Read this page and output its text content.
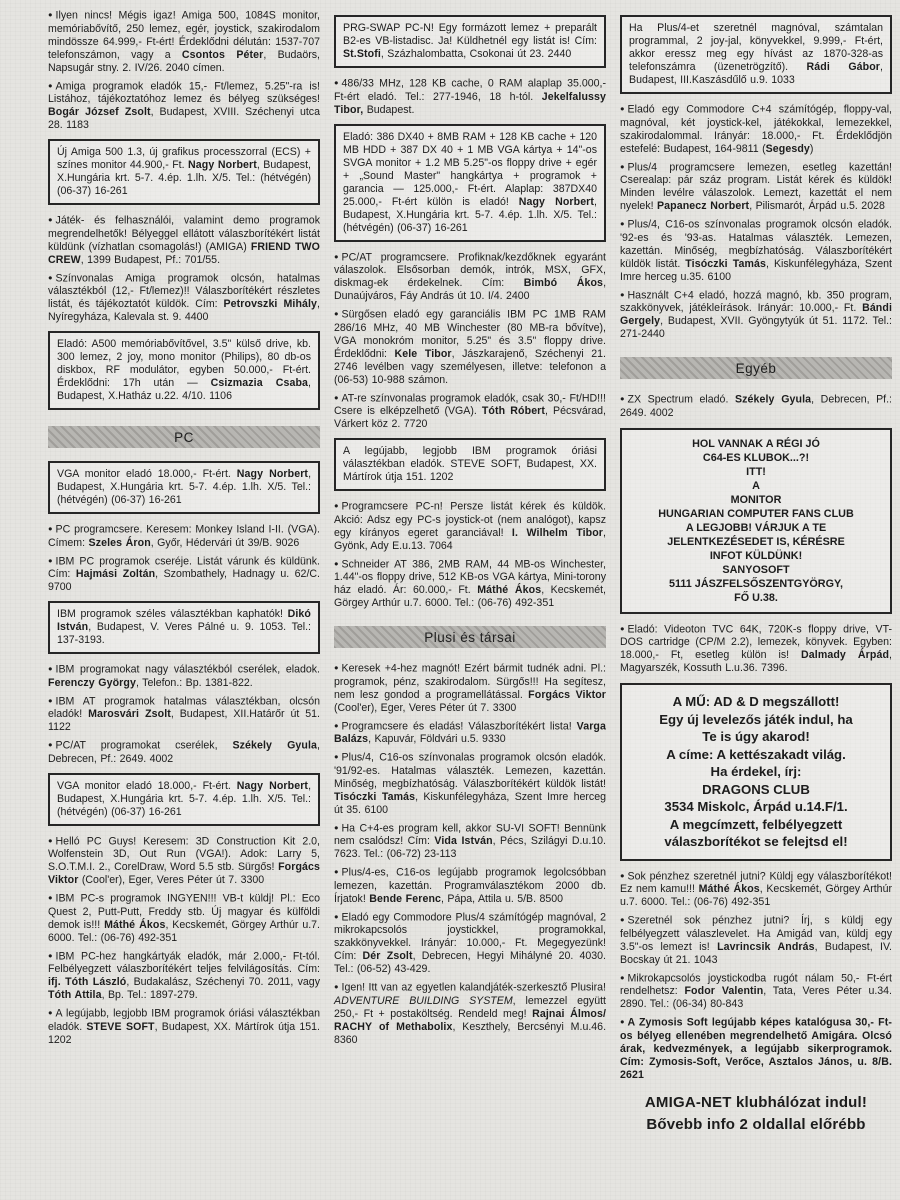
● Ilyen nincs! Mégis igaz! Amiga 500, 1084S monitor, memóriabővítő, 250 lemez, egér, joystick, szakirodalom mindössze 64.999,- Ft-ért! Érdeklődni délután: 1537-707 telefonszámon, vagy a Csontos Péter, Budaörs, Napsugár stny. 2. IV/26. 2040 címen.

● Amiga programok eladók 15,- Ft/lemez, 5.25"-ra is! Listához, tájékoztatóhoz lemez és bélyeg szükséges! Bogár József Zsolt, Budapest, XVIII. Széchenyi utca 28. 1183

Új Amiga 500 1.3, új grafikus processzorral (ECS) + színes monitor 44.900,- Ft. Nagy Norbert, Budapest, X.Hungária krt. 5-7. 4.ép. 1.lh. X/5. Tel.: (hétvégén) (06-37) 16-261

● Játék- és felhasználói, valamint demo programok megrendelhetők! Bélyeggel ellátott válaszborítékért listát küldünk (vízhatlan csomagolás!) (AMIGA) FRIEND TWO CREW, 1399 Budapest, Pf.: 701/55.

● Színvonalas Amiga programok olcsón, hatalmas választékból (12,- Ft/lemez)!! Válaszborítékért részletes listát, és tájékoztatót küldök. Cím: Petrovszki Mihály, Nyíregyháza, Kalevala st. 9. 4400

Eladó: A500 memóriabővítővel, 3.5" külső drive, kb. 300 lemez, 2 joy, mono monitor (Philips), 80 db-os diskbox, RF modulátor, egyben 50.000,- Ft-ért. Érdeklődni: 17h után — Csizmazia Csaba, Budapest, X.Hatház u.22. 4/10. 1106

PC

VGA monitor eladó 18.000,- Ft-ért. Nagy Norbert, Budapest, X.Hungária krt. 5-7. 4.ép. 1.lh. X/5. Tel.: (hétvégén) (06-37) 16-261

● PC programcsere. Keresem: Monkey Island I-II. (VGA). Címem: Szeles Áron, Győr, Hédervári út 39/B. 9026

● IBM PC programok cseréje. Listát várunk és küldünk. Cím: Hajmási Zoltán, Szombathely, Hadnagy u. 62/C. 9700

IBM programok széles választékban kaphatók! Dikó István, Budapest, V. Veres Pálné u. 9. 1053. Tel.: 137-3193.

● IBM programokat nagy választékból cserélek, eladok. Ferenczy György, Telefon.: Bp. 1381-822.

● IBM AT programok hatalmas választékban, olcsón eladók! Marosvári Zsolt, Budapest, XII.Határőr út 51. 1122

● PC/AT programokat cserélek, Székely Gyula, Debrecen, Pf.: 2649. 4002

VGA monitor eladó 18.000,- Ft-ért. Nagy Norbert, Budapest, X.Hungária krt. 5-7. 4.ép. 1.lh. X/5. Tel.: (hétvégén) (06-37) 16-261

● Helló PC Guys! Keresem: 3D Construction Kit 2.0, Wolfenstein 3D, Out Run (VGA!). Adok: Larry 5, S.O.T.M.I. 2., CorelDraw, Word 5.5 stb. Sürgős! Forgács Viktor (Cool'er), Eger, Veres Péter út 7. 3300

● IBM PC-s programok INGYEN!!! VB-t küldj! Pl.: Eco Quest 2, Putt-Putt, Freddy stb. Új magyar és külföldi demok is!!! Máthé Ákos, Kecskemét, Görgey Arthúr u.7. 6000. Tel.: (06-76) 492-351

● IBM PC-hez hangkártyák eladók, már 2.000,- Ft-tól. Felbélyegzett válaszborítékért teljes felvilágosítás. Cím: ifj. Tóth László, Budakalász, Széchenyi 70. 2011, vagy Tóth Attila, Bp. Tel.: 1897-279.

● A legújabb, legjobb IBM programok óriási választékban eladók. STEVE SOFT, Budapest, XX. Mártírok útja 151. 1202

PRG-SWAP PC-N! Egy formázott lemez + preparált B2-es VB-listadisc. Ja! Küldhetnél egy listát is! Cím: St.Stofi, Százhalombatta, Csokonai út 23. 2440

● 486/33 MHz, 128 KB cache, 0 RAM alaplap 35.000,- Ft-ért eladó. Tel.: 277-1946, 18 h-tól. Jekelfalussy Tibor, Budapest.

Eladó: 386 DX40 + 8MB RAM + 128 KB cache + 120 MB HDD + 387 DX 40 + 1 MB VGA kártya + 14"-os SVGA monitor + 1.2 MB 5.25"-os floppy drive + egér + „Sound Master" hangkártya + programok + garancia — 125.000,- Ft-ért. Alaplap: 387DX40 25.000,- Ft-ért külön is eladó! Nagy Norbert, Budapest, X.Hungária krt. 5-7. 4.ép. 1.lh. X/5. Tel.: (hétvégén) (06-37) 16-261

● PC/AT programcsere. Profiknak/kezdőknek egyaránt válaszolok. Elsősorban demók, intrók, MSX, GFX, diskmag-ek érdekelnek. Cím: Bimbó Ákos, Dunaújváros, Fáy András út 10. I/4. 2400

● Sürgősen eladó egy garanciális IBM PC 1MB RAM 286/16 MHz, 40 MB Winchester (80 MB-ra bővítve), VGA monokróm monitor, 5.25" és 3.5" floppy drive. Érdeklődni: Kele Tibor, Jászkarajenő, Széchenyi 21. 2746 levélben vagy személyesen, illetve: telefonon a (06-53) 10-988 számon.

● AT-re színvonalas programok eladók, csak 30,- Ft/HD!!! Csere is elképzelhető (VGA). Tóth Róbert, Pécsvárad, Várkert köz 2. 7720

A legújabb, legjobb IBM programok óriási választékban eladók. STEVE SOFT, Budapest, XX. Mártírok útja 151. 1202

● Programcsere PC-n! Persze listát kérek és küldök. Akció: Adsz egy PC-s joystick-ot (nem analógot), kapsz egy kírányos egeret garanciával! I. Wilhelm Tibor, Gyönk, Ady E.u.13. 7064

● Schneider AT 386, 2MB RAM, 44 MB-os Winchester, 1.44"-os floppy drive, 512 KB-os VGA kártya, Mini-torony ház eladó. Ár: 60.000,- Ft. Máthé Ákos, Kecskemét, Görgey Arthúr u.7. 6000. Tel.: (06-76) 492-351

Plusi és társai

● Keresek +4-hez magnót! Ezért bármit tudnék adni. Pl.: programok, pénz, szakirodalom. Sürgős!!! Ha segítesz, nem lesz gondod a programellátással. Forgács Viktor (Cool'er), Eger, Veres Péter út 7. 3300

● Programcsere és eladás! Válaszborítékért lista! Varga Balázs, Kapuvár, Földvári u.5. 9330

● Plus/4, C16-os színvonalas programok olcsón eladók. '91/92-es. Hatalmas választék. Lemezen, kazettán. Minőség, megbízhatóság. Válaszborítékért küldök listát! Tisóczki Tamás, Kiskunfélegyháza, Szent Imre herceg út 35. 6100

● Ha C+4-es program kell, akkor SU-VI SOFT! Bennünk nem csalódsz! Cím: Vida István, Pécs, Szilágyi D.u.10. 7623. Tel.: (06-72) 23-113

● Plus/4-es, C16-os legújabb programok legolcsóbban lemezen, kazettán. Programválasztékom 2000 db. Írjatok! Bende Ferenc, Pápa, Attila u. 5/B. 8500

● Eladó egy Commodore Plus/4 számítógép magnóval, 2 mikrokapcsolós joystickkel, programokkal, szakkönyvekkel. Irányár: 10.000,- Ft. Megegyezünk! Cím: Dér Zsolt, Debrecen, Hegyi Mihályné 20. 4030. Tel.: (06-52) 43-429.

● Igen! Itt van az egyetlen kalandjáték-szerkesztő Plusira! ADVENTURE BUILDING SYSTEM, lemezzel együtt 250,- Ft + postaköltség. Rendeld meg! Rajnai Álmos/ RACHY of Methabolix, Keszthely, Bercsényi M.u.46. 8360

Ha Plus/4-et szeretnél magnóval, számtalan programmal, 2 joy-jal, könyvekkel, 9.999,- Ft-ért, akkor eressz meg egy hívást az 1870-328-as telefonszámra (üzenetrögzítő). Rádi Gábor, Budapest, III.Kaszásdűlő u.9. 1033

● Eladó egy Commodore C+4 számítógép, floppy-val, magnóval, két joystick-kel, játékokkal, lemezekkel, szakirodalommal. Irányár: 18.000,- Ft. Érdeklődjön estefelé: Budapest, 164-9811 (Segesdy)

● Plus/4 programcsere lemezen, esetleg kazettán! Cserealap: pár száz program. Listát kérek és küldök! Minden levélre válaszolok. Lemezt, kazettát el nem nyelek! Papanecz Norbert, Pilismarót, Árpád u.5. 2028

● Plus/4, C16-os színvonalas programok olcsón eladók. '92-es és '93-as. Hatalmas választék. Lemezen, kazettán. Minőség, megbízhatóság. Válaszborítékért küldök listát. Tisóczki Tamás, Kiskunfélegyháza, Szent Imre herceg u.35. 6100

● Használt C+4 eladó, hozzá magnó, kb. 350 program, szakkönyvek, játékleírások. Irányár: 10.000,- Ft. Bándi Gergely, Budapest, XVII. Gyöngytyúk út 51. 1172. Tel.: 271-2440

Egyéb

● ZX Spectrum eladó. Székely Gyula, Debrecen, Pf.: 2649. 4002

HOL VANNAK A RÉGI JÓ
C64-ES KLUBOK...?!
ITT!
A
MONITOR
HUNGARIAN COMPUTER FANS CLUB
A LEGJOBB! VÁRJUK A TE
JELENTKEZÉSEDET IS, KÉRÉSRE
INFOT KÜLDÜNK!
SANYOSOFT
5111 JÁSZFELSŐSZENTGYÖRGY,
FŐ U.38.

● Eladó: Videoton TVC 64K, 720K-s floppy drive, VT-DOS cartridge (CP/M 2.2), lemezek, könyvek. Egyben: 18.000,- Ft, esetleg külön is! Dalmady Árpád, Magyarszék, Kossuth L.u.36. 7396.

A MŰ: AD & D megszállott!
Egy új levelezős játék indul, ha
Te is úgy akarod!
A címe: A kettészakadt világ.
Ha érdekel, írj:
DRAGONS CLUB
3534 Miskolc, Árpád u.14.F/1.
A megcímzett, felbélyegzett
válaszborítékot se felejtsd el!

● Sok pénzhez szeretnél jutni? Küldj egy válaszborítékot! Ez nem kamu!!! Máthé Ákos, Kecskemét, Görgey Arthúr u.7. 6000. Tel.: (06-76) 492-351

● Szeretnél sok pénzhez jutni? Írj, s küldj egy felbélyegzett válaszlevelet. Ha Amigád van, küldj egy 3.5"-os lemezt is! Lavrincsik András, Budapest, IV. Bocskay út 21. 1043

● Mikrokapcsolós joystickodba rugót nálam 50,- Ft-ért rendelhetsz: Fodor Valentin, Tata, Veres Péter u.34. 2890. Tel.: (06-34) 80-843

● A Zymosis Soft legújabb képes katalógusa 30,- Ft-os bélyeg ellenében megrendelhető Amigára. Olcsó árak, kedvezmények, a legújabb sikerprogramok. Cím: Zymosis-Soft, Verőce, Asztalos János, u. 8/B. 2621

AMIGA-NET klubhálózat indul!
Bővebb info 2 oldallal előrébb
